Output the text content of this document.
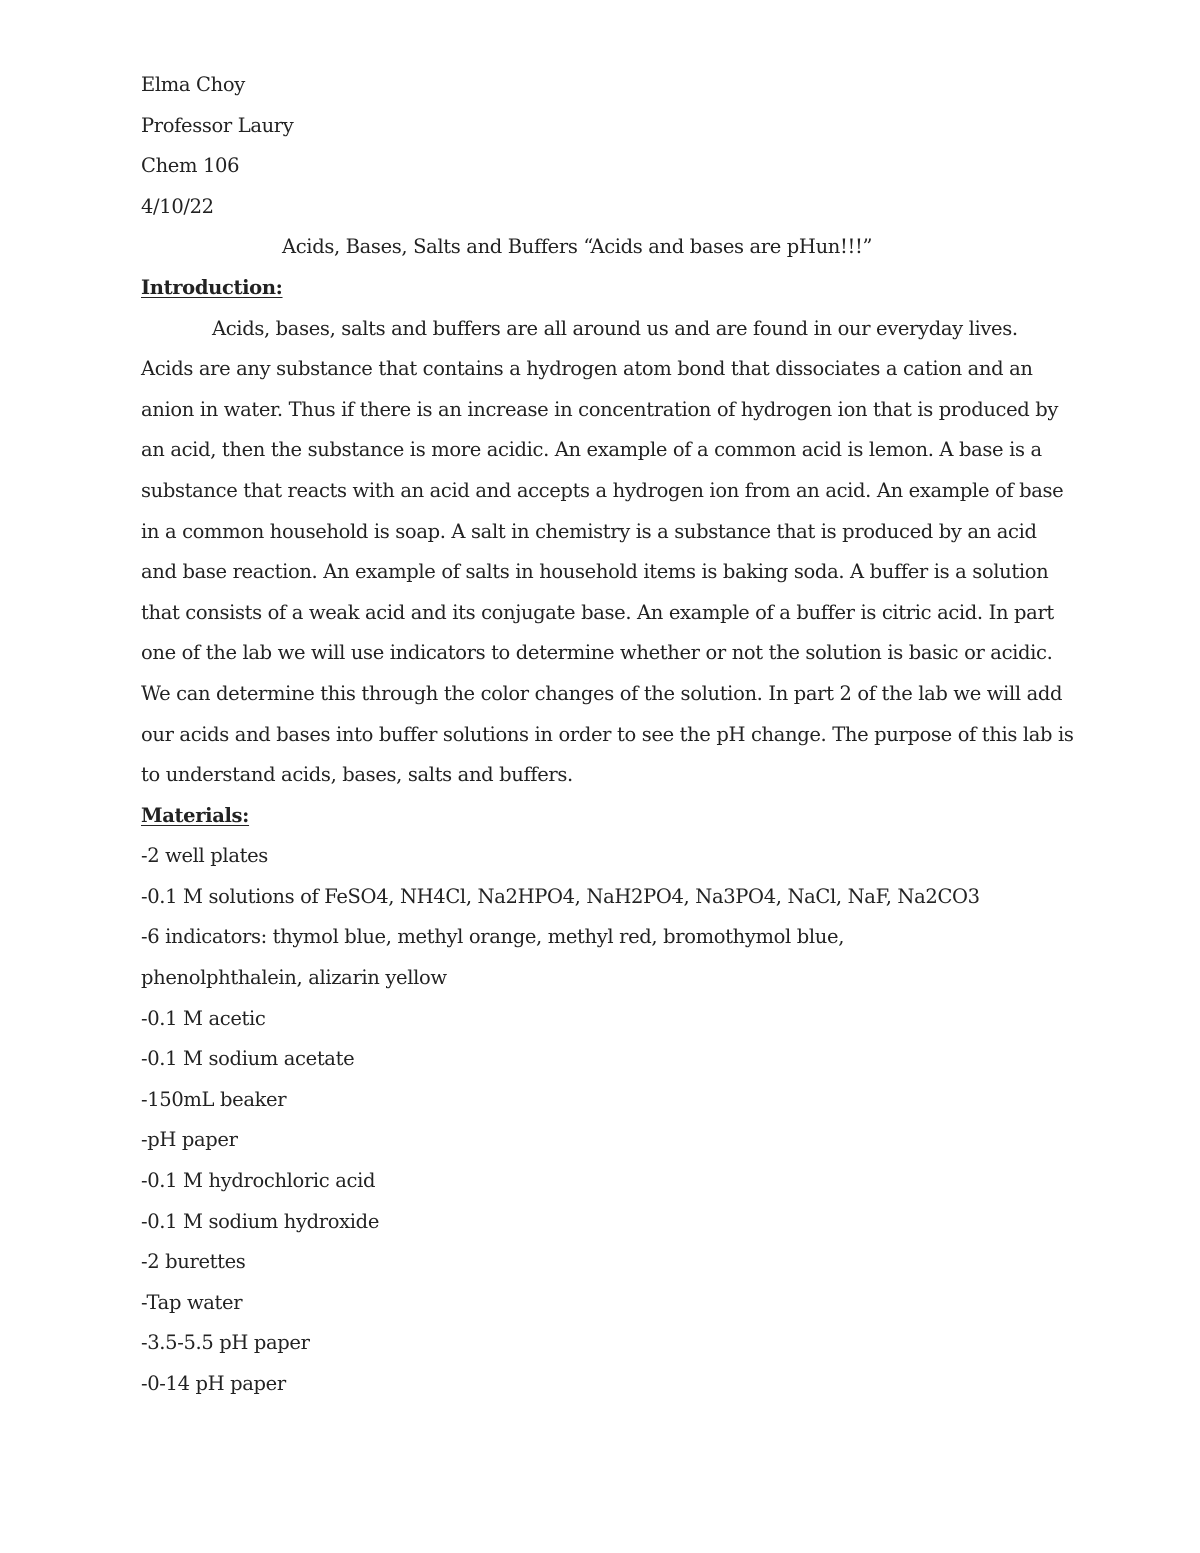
Elma Choy
Professor Laury
Chem 106
4/10/22
Acids, Bases, Salts and Buffers “Acids and bases are pHun!!!”
Introduction:
Acids, bases, salts and buffers are all around us and are found in our everyday lives.
Acids are any substance that contains a hydrogen atom bond that dissociates a cation and an
anion in water. Thus if there is an increase in concentration of hydrogen ion that is produced by
an acid, then the substance is more acidic. An example of a common acid is lemon. A base is a
substance that reacts with an acid and accepts a hydrogen ion from an acid. An example of base
in a common household is soap. A salt in chemistry is a substance that is produced by an acid
and base reaction. An example of salts in household items is baking soda. A buffer is a solution
that consists of a weak acid and its conjugate base. An example of a buffer is citric acid. In part
one of the lab we will use indicators to determine whether or not the solution is basic or acidic.
We can determine this through the color changes of the solution. In part 2 of the lab we will add
our acids and bases into buffer solutions in order to see the pH change. The purpose of this lab is
to understand acids, bases, salts and buffers.
Materials:
-2 well plates
-0.1 M solutions of FeSO4, NH4Cl, Na2HPO4, NaH2PO4, Na3PO4, NaCl, NaF, Na2CO3
-6 indicators: thymol blue, methyl orange, methyl red, bromothymol blue,
phenolphthalein, alizarin yellow
-0.1 M acetic
-0.1 M sodium acetate
-150mL beaker
-pH paper
-0.1 M hydrochloric acid
-0.1 M sodium hydroxide
-2 burettes
-Tap water
-3.5-5.5 pH paper
-0-14 pH paper
